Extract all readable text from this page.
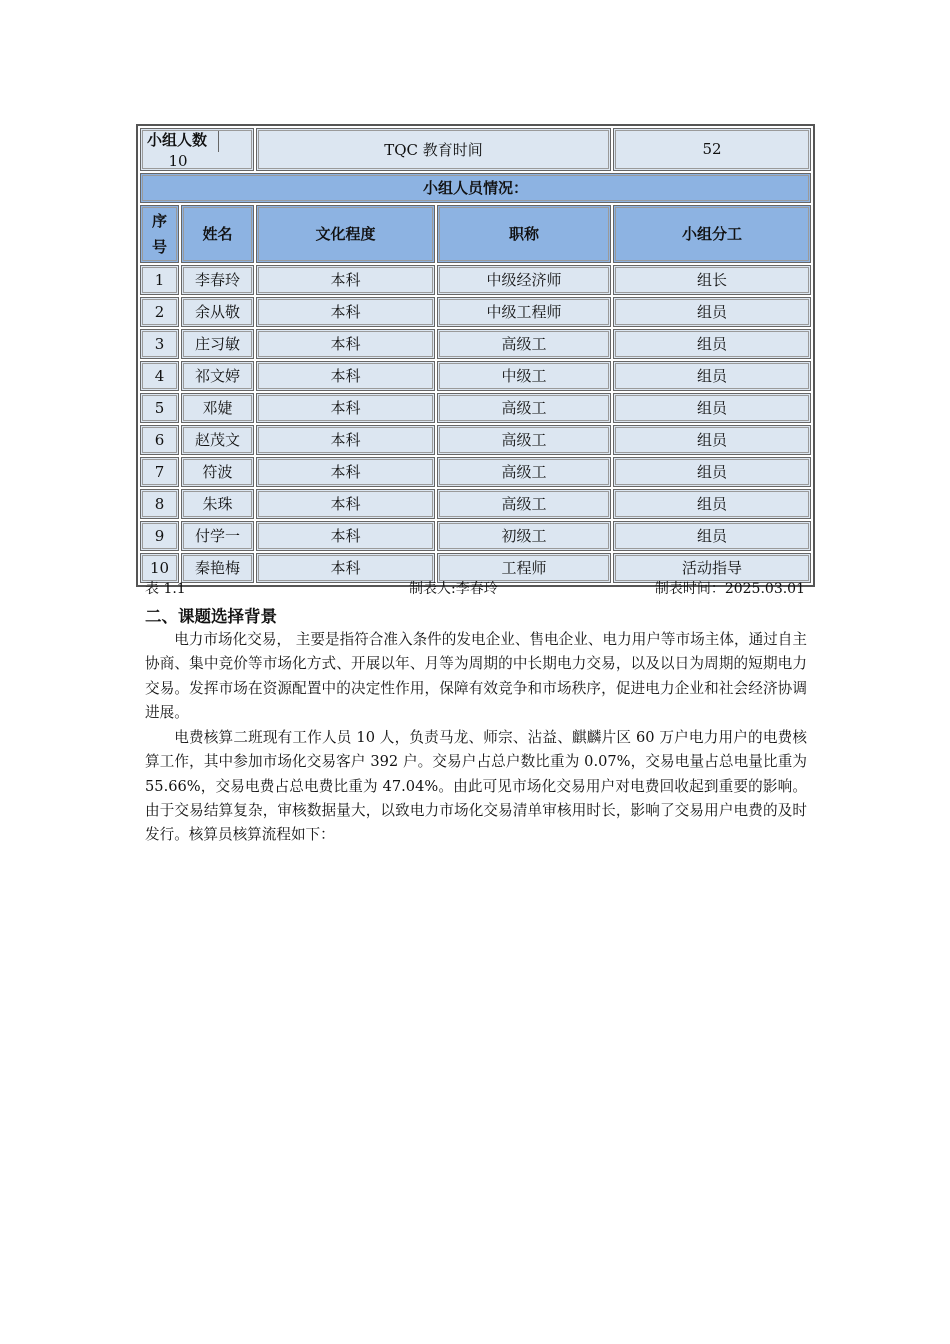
小组人数  10		TQC 教育时间		52
小组人员情况：				
序
号	姓名	文化程度	职称	小组分工
1	李春玲	本科	中级经济师	组长
2	余从敬	本科	中级工程师	组员
3	庄习敏	本科	高级工	组员
4	祁文婷	本科	中级工	组员
5	邓婕	本科	高级工	组员
6	赵茂文	本科	高级工	组员
7	符波	本科	高级工	组员
8	朱珠	本科	高级工	组员
9	付学一	本科	初级工	组员
10	秦艳梅	本科	工程师	活动指导
表 1.1	制表人:李春玲	制表时间：2025.03.01
二、课题选择背景

电力市场化交易， 主要是指符合准入条件的发电企业、售电企业、电力用户等市场主体，通过自主协商、集中竞价等市场化方式、开展以年、月等为周期的中长期电力交易，以及以日为周期的短期电力交易。发挥市场在资源配置中的决定性作用，保障有效竞争和市场秩序，促进电力企业和社会经济协调进展。

电费核算二班现有工作人员 10 人，负责马龙、师宗、沾益、麒麟片区 60 万户电力用户的电费核算工作，其中参加市场化交易客户 392 户。交易户占总户数比重为 0.07%，交易电量占总电量比重为 55.66%，交易电费占总电费比重为 47.04%。由此可见市场化交易用户对电费回收起到重要的影响。由于交易结算复杂，审核数据量大，以致电力市场化交易清单审核用时长，影响了交易用户电费的及时发行。核算员核算流程如下：
